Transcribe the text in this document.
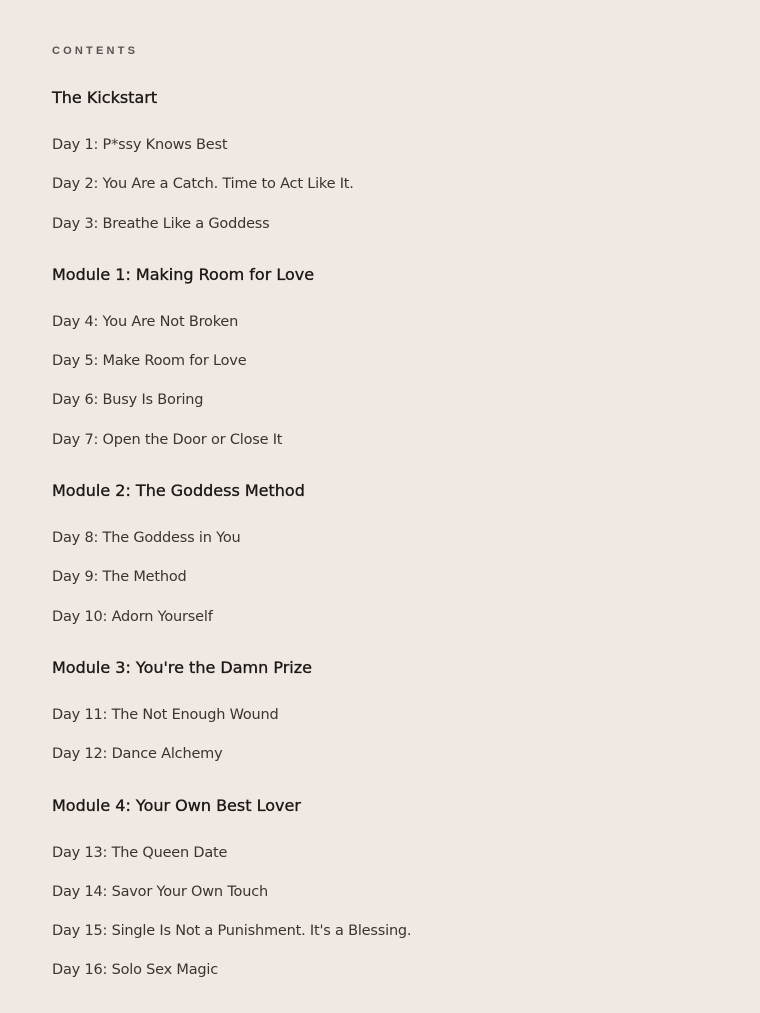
CONTENTS
The Kickstart
Day 1: P*ssy Knows Best
Day 2: You Are a Catch. Time to Act Like It.
Day 3: Breathe Like a Goddess
Module 1: Making Room for Love
Day 4: You Are Not Broken
Day 5: Make Room for Love
Day 6: Busy Is Boring
Day 7: Open the Door or Close It
Module 2: The Goddess Method
Day 8: The Goddess in You
Day 9: The Method
Day 10: Adorn Yourself
Module 3: You're the Damn Prize
Day 11: The Not Enough Wound
Day 12: Dance Alchemy
Module 4: Your Own Best Lover
Day 13: The Queen Date
Day 14: Savor Your Own Touch
Day 15: Single Is Not a Punishment. It's a Blessing.
Day 16: Solo Sex Magic
